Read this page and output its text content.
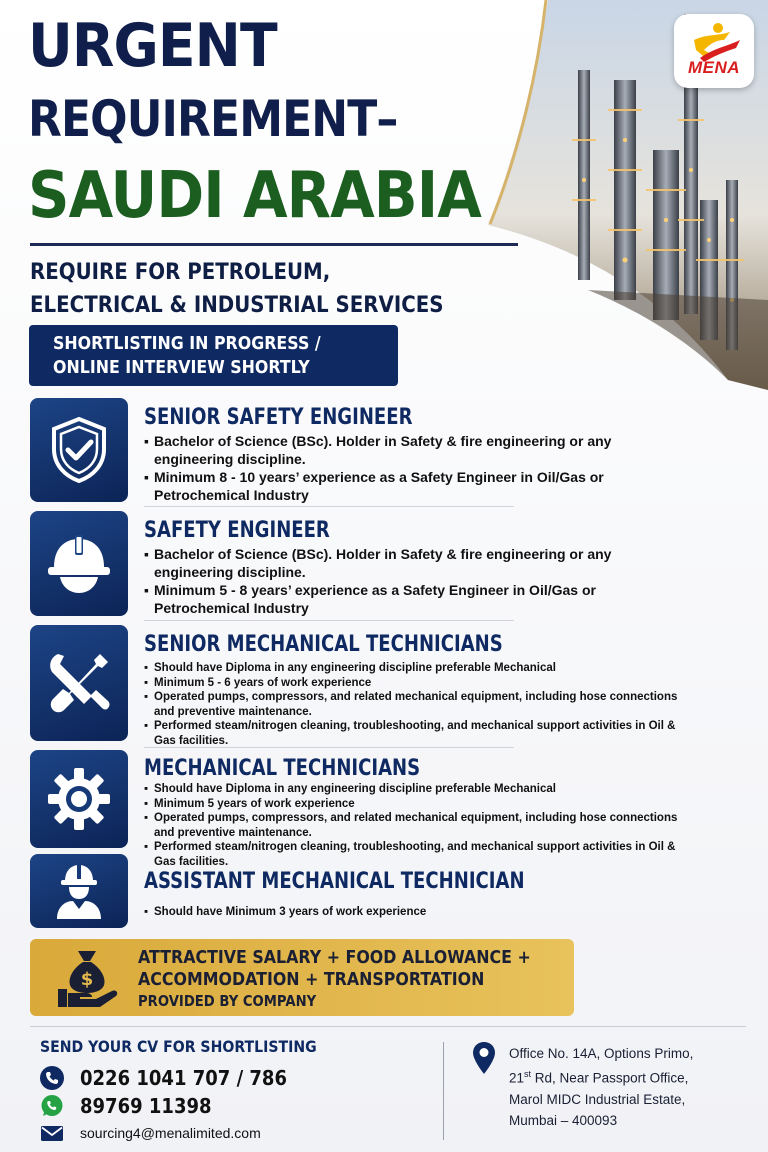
MENA
URGENT
REQUIREMENT–
SAUDI ARABIA
REQUIRE FOR PETROLEUM,
ELECTRICAL & INDUSTRIAL SERVICES
SHORTLISTING IN PROGRESS /
ONLINE INTERVIEW SHORTLY
SENIOR SAFETY ENGINEER
▪ Bachelor of Science (BSc). Holder in Safety & fire engineering or any
engineering discipline.
▪ Minimum 8 - 10 years’ experience as a Safety Engineer in Oil/Gas or
Petrochemical Industry
SAFETY ENGINEER
▪ Bachelor of Science (BSc). Holder in Safety & fire engineering or any
engineering discipline.
▪ Minimum 5 - 8 years’ experience as a Safety Engineer in Oil/Gas or
Petrochemical Industry
SENIOR MECHANICAL TECHNICIANS
▪ Should have Diploma in any engineering discipline preferable Mechanical
▪ Minimum 5 - 6 years of work experience
▪ Operated pumps, compressors, and related mechanical equipment, including hose connections
and preventive maintenance.
▪ Performed steam/nitrogen cleaning, troubleshooting, and mechanical support activities in Oil &
Gas facilities.
MECHANICAL TECHNICIANS
▪ Should have Diploma in any engineering discipline preferable Mechanical
▪ Minimum 5 years of work experience
▪ Operated pumps, compressors, and related mechanical equipment, including hose connections
and preventive maintenance.
▪ Performed steam/nitrogen cleaning, troubleshooting, and mechanical support activities in Oil &
Gas facilities.
ASSISTANT MECHANICAL TECHNICIAN
▪ Should have Minimum 3 years of work experience
$
ATTRACTIVE SALARY + FOOD ALLOWANCE +
ACCOMMODATION + TRANSPORTATION
PROVIDED BY COMPANY
SEND YOUR CV FOR SHORTLISTING
0226 1041 707 / 786
89769 11398
sourcing4@menalimited.com
Office No. 14A, Options Primo,
21st Rd, Near Passport Office,
Marol MIDC Industrial Estate,
Mumbai – 400093
